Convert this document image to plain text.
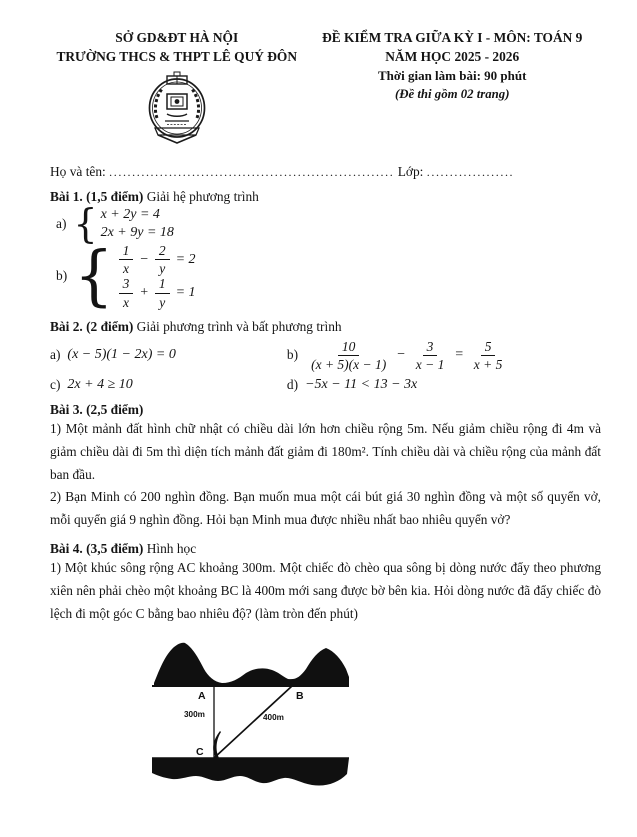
SỞ GD&ĐT HÀ NỘI
TRƯỜNG THCS & THPT LÊ QUÝ ĐÔN
ĐỀ KIỂM TRA GIỮA KỲ I - MÔN: TOÁN 9
NĂM HỌC 2025 - 2026
Thời gian làm bài: 90 phút
(Đề thi gồm 02 trang)
Họ và tên: .............................................................. Lớp: ...................
Bài 1. (1,5 điểm) Giải hệ phương trình
a) { x + 2y = 4
2x + 9y = 18
b) { $\frac{1}{x} - \frac{2}{y} = 2$
$\frac{3}{x} + \frac{1}{y} = 1$
Bài 2. (2 điểm) Giải phương trình và bất phương trình
a) (x − 5)(1 − 2x) = 0	$b) \frac{10}{(x + 5)(x - 1)} - \frac{3}{x - 1} = \frac{5}{x + 5}$
c) 2x + 4 ≥ 10	d) −5x − 11 < 13 − 3x
Bài 3. (2,5 điểm)

1) Một mảnh đất hình chữ nhật có chiều dài lớn hơn chiều rộng 5m. Nếu giảm chiều rộng đi 4m và giảm chiều dài đi 5m thì diện tích mảnh đất giảm đi 180m². Tính chiều dài và chiều rộng của mảnh đất ban đầu.

2) Bạn Minh có 200 nghìn đồng. Bạn muốn mua một cái bút giá 30 nghìn đồng và một số quyển vở, mỗi quyển giá 9 nghìn đồng. Hỏi bạn Minh mua được nhiều nhất bao nhiêu quyển vở?

Bài 4. (3,5 điểm) Hình học

1) Một khúc sông rộng AC khoảng 300m. Một chiếc đò chèo qua sông bị dòng nước đẩy theo phương xiên nên phải chèo một khoảng BC là 400m mới sang được bờ bên kia. Hỏi dòng nước đã đẩy chiếc đò lệch đi một góc C bằng bao nhiêu độ? (làm tròn đến phút)

A	B
C
300m	400m
